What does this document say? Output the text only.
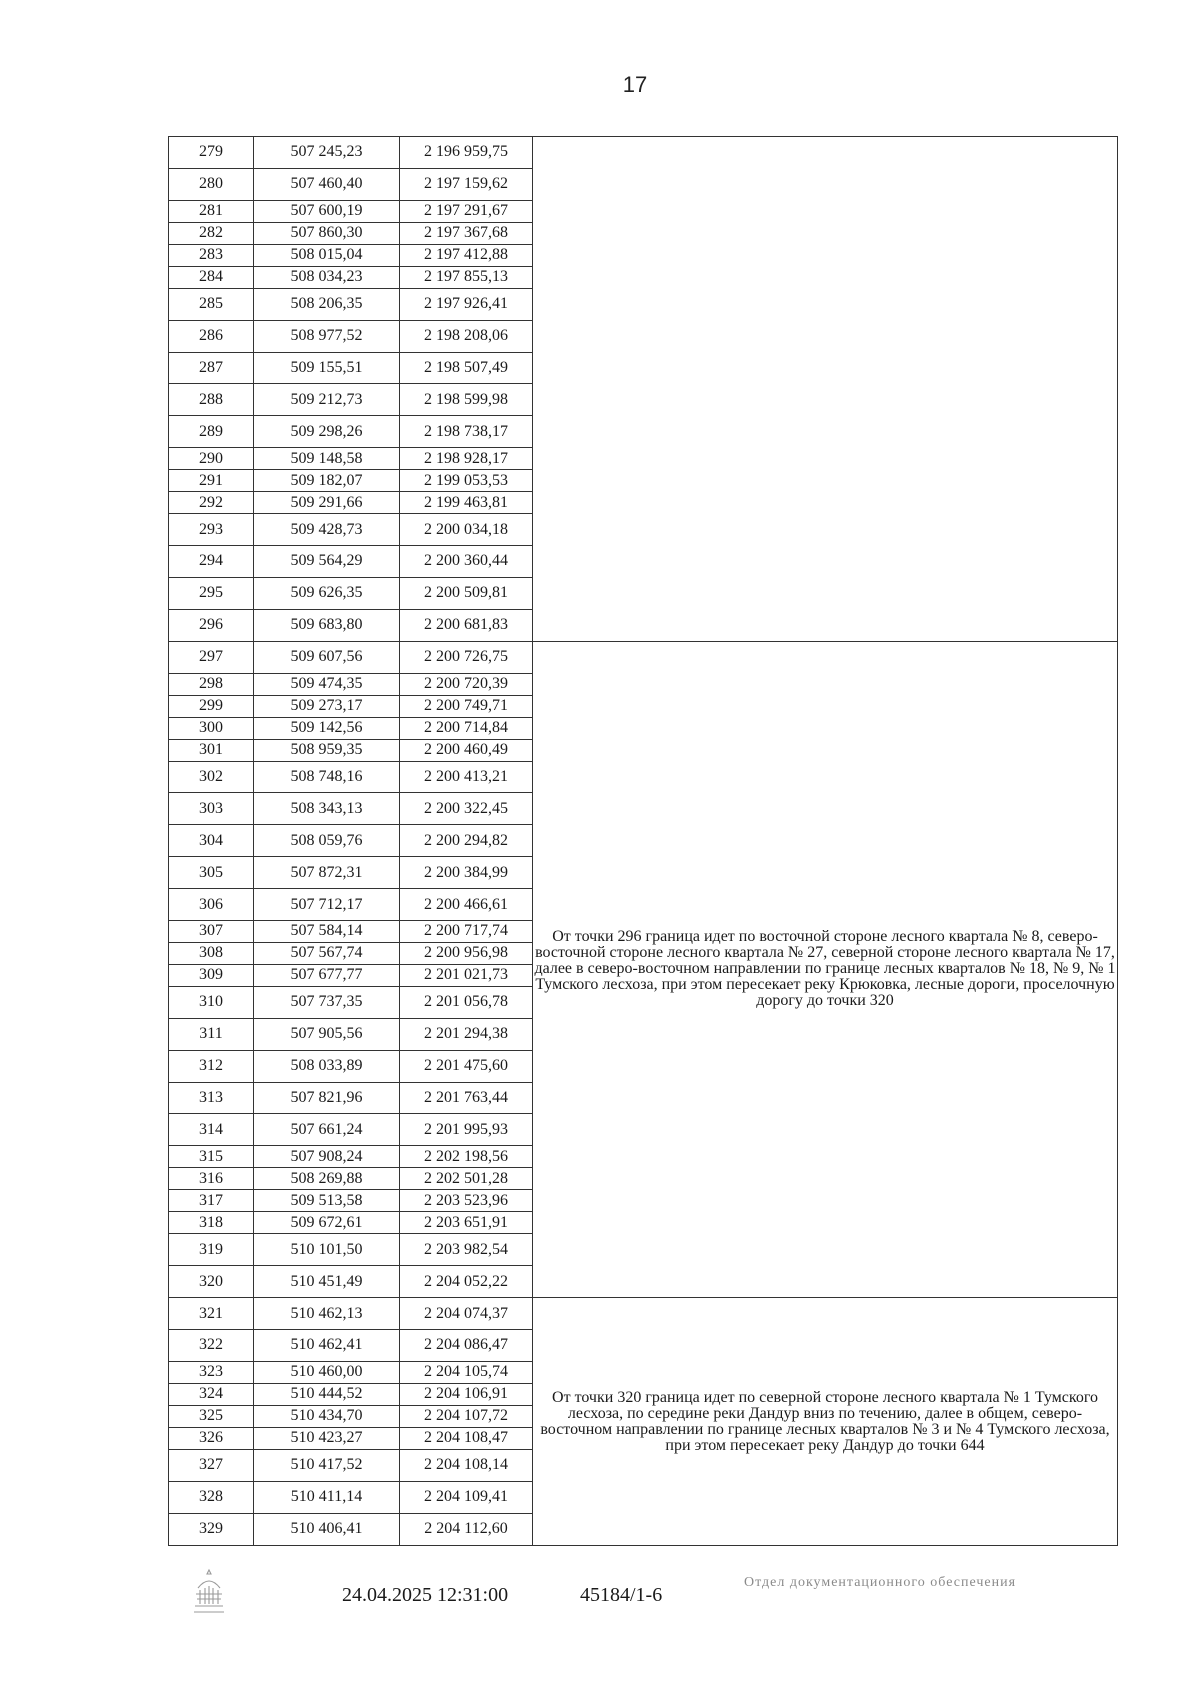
17
279	507 245,23	2 196 959,75	
280	507 460,40	2 197 159,62	
281	507 600,19	2 197 291,67	
282	507 860,30	2 197 367,68	
283	508 015,04	2 197 412,88	
284	508 034,23	2 197 855,13	
285	508 206,35	2 197 926,41	
286	508 977,52	2 198 208,06	
287	509 155,51	2 198 507,49	
288	509 212,73	2 198 599,98	
289	509 298,26	2 198 738,17	
290	509 148,58	2 198 928,17	
291	509 182,07	2 199 053,53	
292	509 291,66	2 199 463,81	
293	509 428,73	2 200 034,18	
294	509 564,29	2 200 360,44	
295	509 626,35	2 200 509,81	
296	509 683,80	2 200 681,83	
297	509 607,56	2 200 726,75	От точки 296 граница идет по восточной стороне лесного квартала № 8, северо-восточной стороне лесного квартала № 27, северной стороне лесного квартала № 17, далее в северо-восточном направлении по границе лесных кварталов № 18, № 9, № 1 Тумского лесхоза, при этом пересекает реку Крюковка, лесные дороги, проселочную дорогу до точки 320
298	509 474,35	2 200 720,39	
299	509 273,17	2 200 749,71	
300	509 142,56	2 200 714,84	
301	508 959,35	2 200 460,49	
302	508 748,16	2 200 413,21	
303	508 343,13	2 200 322,45	
304	508 059,76	2 200 294,82	
305	507 872,31	2 200 384,99	
306	507 712,17	2 200 466,61	
307	507 584,14	2 200 717,74	
308	507 567,74	2 200 956,98	
309	507 677,77	2 201 021,73	
310	507 737,35	2 201 056,78	
311	507 905,56	2 201 294,38	
312	508 033,89	2 201 475,60	
313	507 821,96	2 201 763,44	
314	507 661,24	2 201 995,93	
315	507 908,24	2 202 198,56	
316	508 269,88	2 202 501,28	
317	509 513,58	2 203 523,96	
318	509 672,61	2 203 651,91	
319	510 101,50	2 203 982,54	
320	510 451,49	2 204 052,22	
321	510 462,13	2 204 074,37	От точки 320 граница идет по северной стороне лесного квартала № 1 Тумского лесхоза, по середине реки Дандур вниз по течению, далее в общем, северо-восточном направлении по границе лесных кварталов № 3 и № 4 Тумского лесхоза, при этом пересекает реку Дандур до точки 644
322	510 462,41	2 204 086,47	
323	510 460,00	2 204 105,74	
324	510 444,52	2 204 106,91	
325	510 434,70	2 204 107,72	
326	510 423,27	2 204 108,47	
327	510 417,52	2 204 108,14	
328	510 411,14	2 204 109,41	
329	510 406,41	2 204 112,60	
24.04.2025 12:31:00	45184/1-6
Отдел документационного обеспечения
